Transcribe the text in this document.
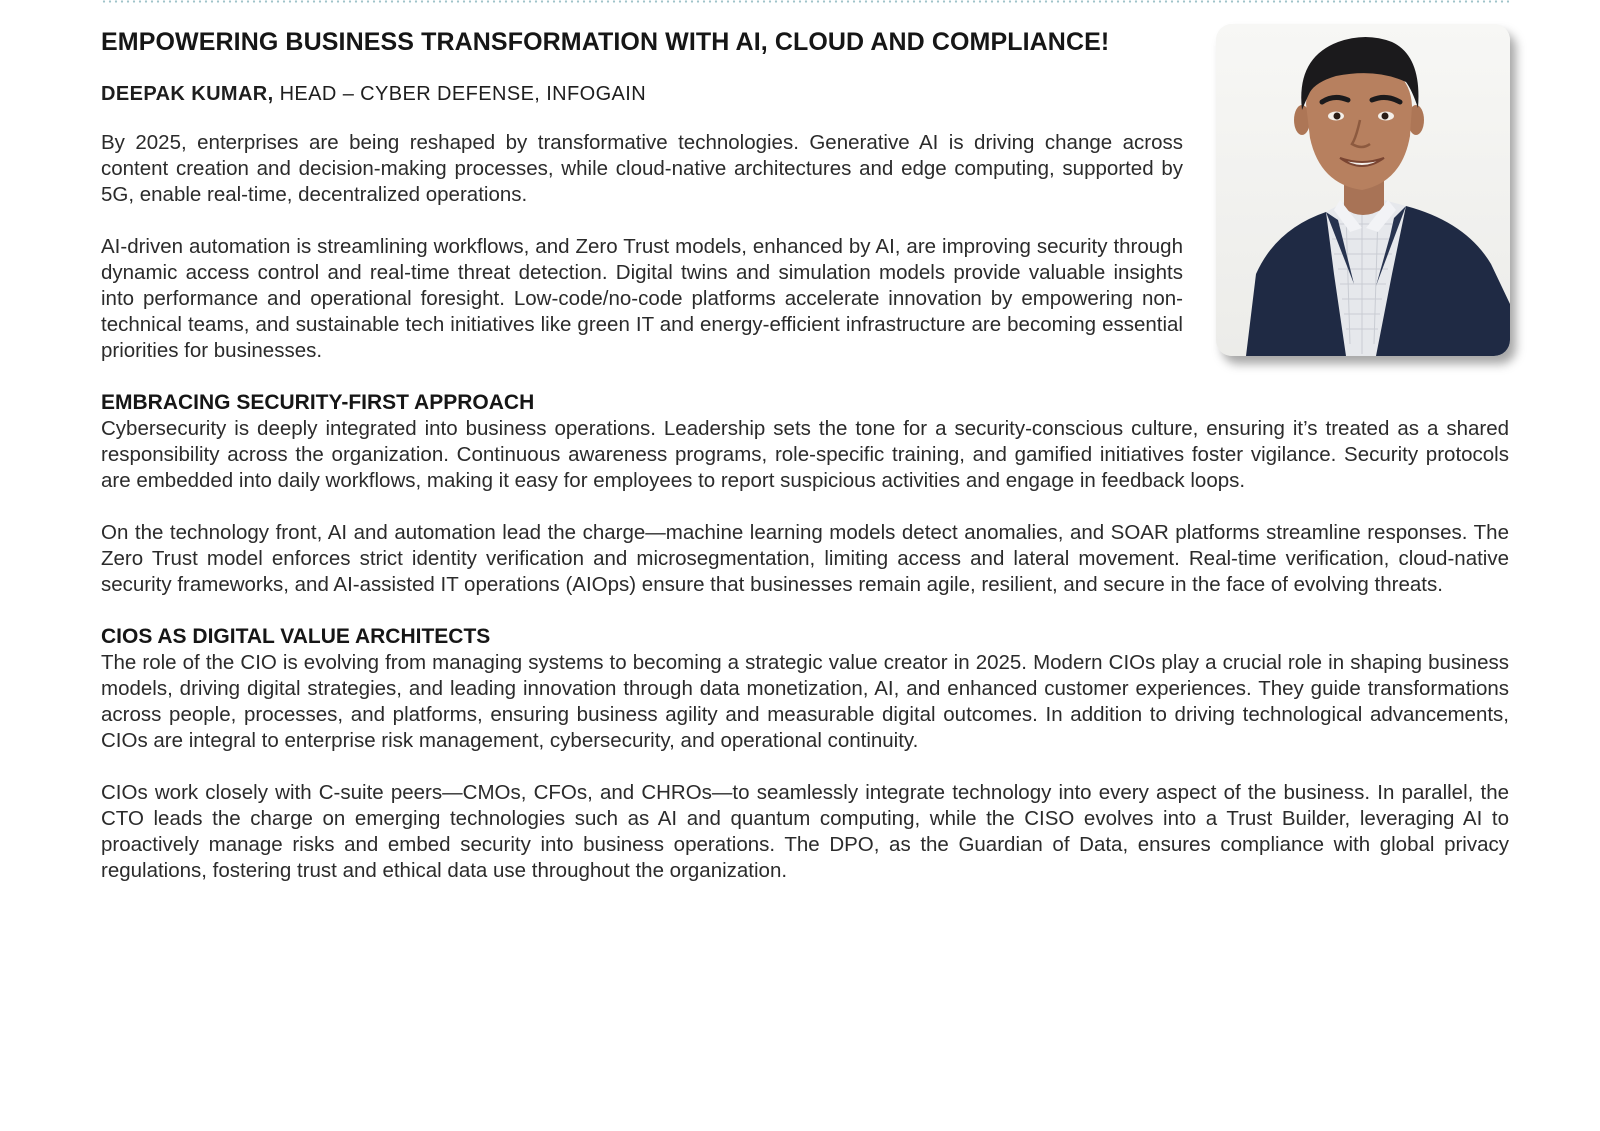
EMPOWERING BUSINESS TRANSFORMATION WITH AI, CLOUD AND COMPLIANCE!

DEEPAK KUMAR, HEAD – CYBER DEFENSE, INFOGAIN

By 2025, enterprises are being reshaped by transformative technologies. Generative AI is driving change across content creation and decision-making processes, while cloud-native architectures and edge computing, supported by 5G, enable real-time, decentralized operations.

AI-driven automation is streamlining workflows, and Zero Trust models, enhanced by AI, are improving security through dynamic access control and real-time threat detection. Digital twins and simulation models provide valuable insights into performance and operational foresight. Low-code/no-code platforms accelerate innovation by empowering non-technical teams, and sustainable tech initiatives like green IT and energy-efficient infrastructure are becoming essential priorities for businesses.

EMBRACING SECURITY-FIRST APPROACH

Cybersecurity is deeply integrated into business operations. Leadership sets the tone for a security-conscious culture, ensuring it’s treated as a shared responsibility across the organization. Continuous awareness programs, role-specific training, and gamified initiatives foster vigilance. Security protocols are embedded into daily workflows, making it easy for employees to report suspicious activities and engage in feedback loops.

On the technology front, AI and automation lead the charge—machine learning models detect anomalies, and SOAR platforms streamline responses. The Zero Trust model enforces strict identity verification and microsegmentation, limiting access and lateral movement. Real-time verification, cloud-native security frameworks, and AI-assisted IT operations (AIOps) ensure that businesses remain agile, resilient, and secure in the face of evolving threats.

CIOS AS DIGITAL VALUE ARCHITECTS

The role of the CIO is evolving from managing systems to becoming a strategic value creator in 2025. Modern CIOs play a crucial role in shaping business models, driving digital strategies, and leading innovation through data monetization, AI, and enhanced customer experiences. They guide transformations across people, processes, and platforms, ensuring business agility and measurable digital outcomes. In addition to driving technological advancements, CIOs are integral to enterprise risk management, cybersecurity, and operational continuity.

CIOs work closely with C-suite peers—CMOs, CFOs, and CHROs—to seamlessly integrate technology into every aspect of the business. In parallel, the CTO leads the charge on emerging technologies such as AI and quantum computing, while the CISO evolves into a Trust Builder, leveraging AI to proactively manage risks and embed security into business operations. The DPO, as the Guardian of Data, ensures compliance with global privacy regulations, fostering trust and ethical data use throughout the organization.
